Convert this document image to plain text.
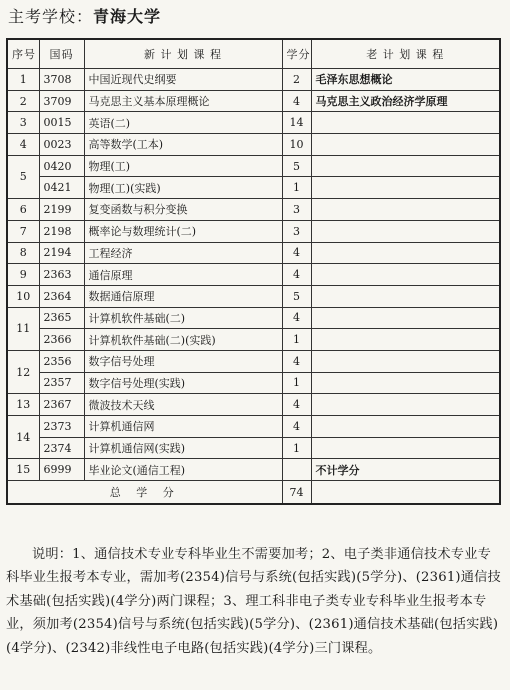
主考学校：青海大学
序号	国码	新 计 划 课 程	学分	老 计 划 课 程
1	3708	中国近现代史纲要	2	毛泽东思想概论
2	3709	马克思主义基本原理概论	4	马克思主义政治经济学原理
3	0015	英语(二)	14	
4	0023	高等数学(工本)	10	
5	0420	物理(工)	5	
	0421	物理(工)(实践)	1	
6	2199	复变函数与积分变换	3	
7	2198	概率论与数理统计(二)	3	
8	2194	工程经济	4	
9	2363	通信原理	4	
10	2364	数据通信原理	5	
11	2365	计算机软件基础(二)	4	
	2366	计算机软件基础(二)(实践)	1	
12	2356	数字信号处理	4	
	2357	数字信号处理(实践)	1	
13	2367	微波技术天线	4	
14	2373	计算机通信网	4	
	2374	计算机通信网(实践)	1	
15	6999	毕业论文(通信工程)		不计学分
总 学 分			74	
说明：1、通信技术专业专科毕业生不需要加考；2、电子类非通信技术专业专科毕业生报考本专业，需加考(2354)信号与系统(包括实践)(5学分)、(2361)通信技术基础(包括实践)(4学分)两门课程；3、理工科非电子类专业专科毕业生报考本专业，须加考(2354)信号与系统(包括实践)(5学分)、(2361)通信技术基础(包括实践)(4学分)、(2342)非线性电子电路(包括实践)(4学分)三门课程。
